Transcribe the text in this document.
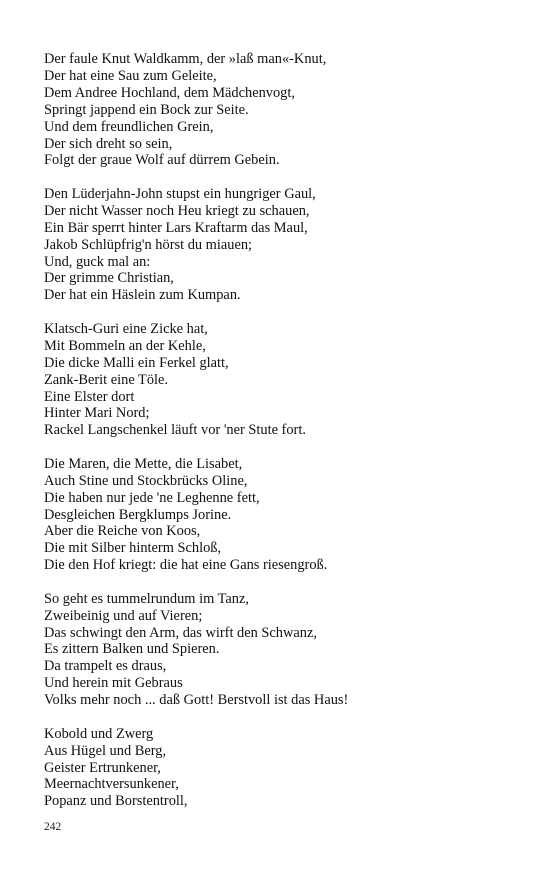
Der faule Knut Waldkamm, der »laß man«-Knut,
Der hat eine Sau zum Geleite,
Dem Andree Hochland, dem Mädchenvogt,
Springt jappend ein Bock zur Seite.
Und dem freundlichen Grein,
Der sich dreht so sein,
Folgt der graue Wolf auf dürrem Gebein.
Den Lüderjahn-John stupst ein hungriger Gaul,
Der nicht Wasser noch Heu kriegt zu schauen,
Ein Bär sperrt hinter Lars Kraftarm das Maul,
Jakob Schlüpfrig'n hörst du miauen;
Und, guck mal an:
Der grimme Christian,
Der hat ein Häslein zum Kumpan.
Klatsch-Guri eine Zicke hat,
Mit Bommeln an der Kehle,
Die dicke Malli ein Ferkel glatt,
Zank-Berit eine Töle.
Eine Elster dort
Hinter Mari Nord;
Rackel Langschenkel läuft vor 'ner Stute fort.
Die Maren, die Mette, die Lisabet,
Auch Stine und Stockbrücks Oline,
Die haben nur jede 'ne Leghenne fett,
Desgleichen Bergklumps Jorine.
Aber die Reiche von Koos,
Die mit Silber hinterm Schloß,
Die den Hof kriegt: die hat eine Gans riesengroß.
So geht es tummelrundum im Tanz,
Zweibeinig und auf Vieren;
Das schwingt den Arm, das wirft den Schwanz,
Es zittern Balken und Spieren.
Da trampelt es draus,
Und herein mit Gebraus
Volks mehr noch ... daß Gott! Berstvoll ist das Haus!
Kobold und Zwerg
Aus Hügel und Berg,
Geister Ertrunkener,
Meernachtversunkener,
Popanz und Borstentroll,
242
